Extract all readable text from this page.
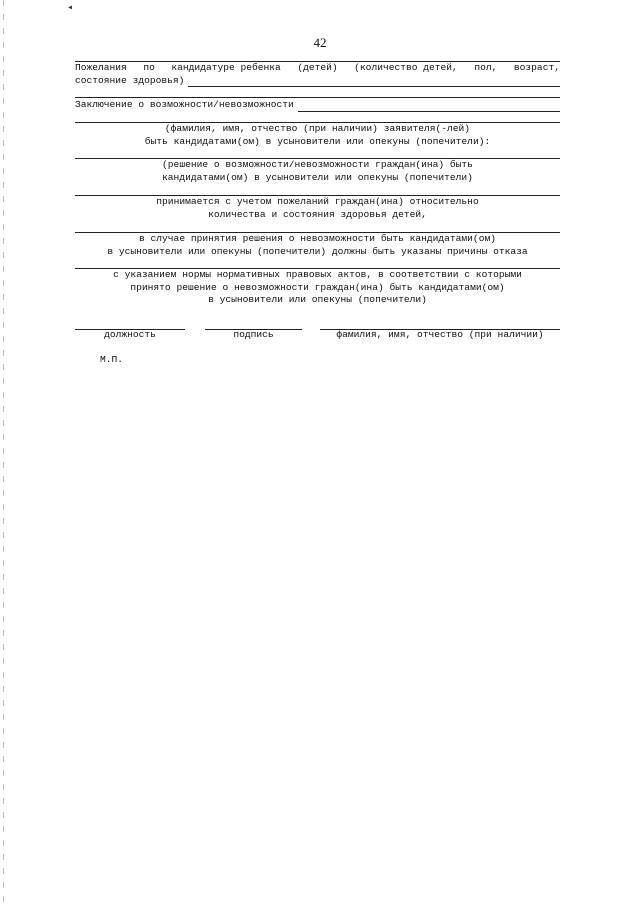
◂
42
Пожелания по кандидатуре ребенка (детей) (количество детей, пол, возраст,
состояние здоровья)
Заключение о возможности/невозможности
(фамилия, имя, отчество (при наличии) заявителя(-лей)
быть кандидатами(ом) в усыновители или опекуны (попечители):
(решение о возможности/невозможности граждан(ина) быть
кандидатами(ом) в усыновители или опекуны (попечители)
принимается с учетом пожеланий граждан(ина) относительно
количества и состояния здоровья детей,
в случае принятия решения о невозможности быть кандидатами(ом)
в усыновители или опекуны (попечители) должны быть указаны причины отказа
с указанием нормы нормативных правовых актов, в соответствии с которыми
принято решение о невозможности граждан(ина) быть кандидатами(ом)
в усыновители или опекуны (попечители)
должность	подпись	фамилия, имя, отчество (при наличии)
М.П.
